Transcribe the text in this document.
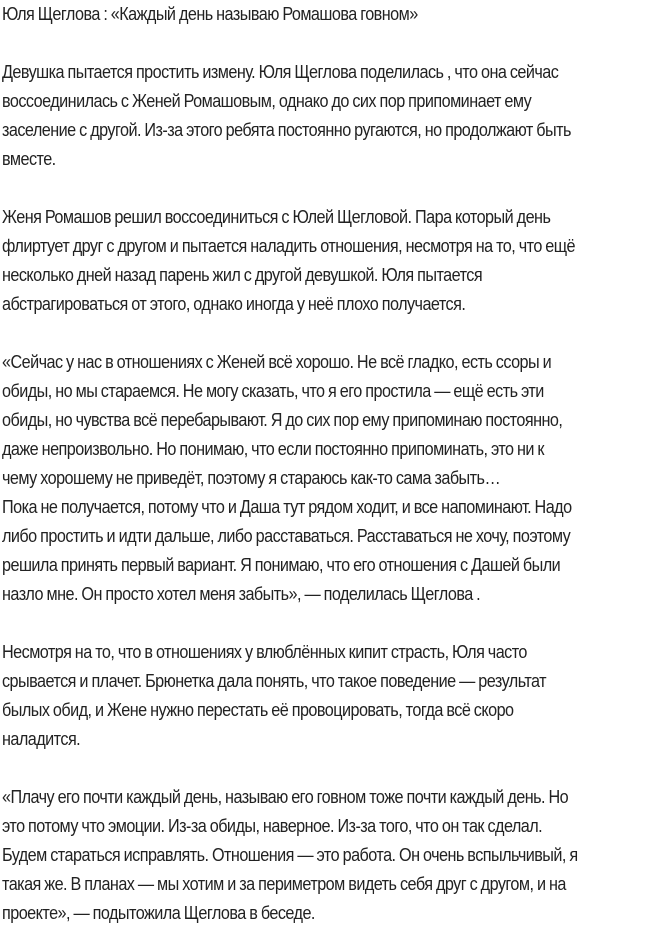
Юля Щеглова : «Каждый день называю Ромашова говном»

Девушка пытается простить измену. Юля Щеглова поделилась , что она сейчас
воссоединилась с Женей Ромашовым, однако до сих пор припоминает ему
заселение с другой. Из-за этого ребята постоянно ругаются, но продолжают быть
вместе.

Женя Ромашов решил воссоединиться с Юлей Щегловой. Пара который день
флиртует друг с другом и пытается наладить отношения, несмотря на то, что ещё
несколько дней назад парень жил с другой девушкой. Юля пытается
абстрагироваться от этого, однако иногда у неё плохо получается.

«Сейчас у нас в отношениях с Женей всё хорошо. Не всё гладко, есть ссоры и
обиды, но мы стараемся. Не могу сказать, что я его простила — ещё есть эти
обиды, но чувства всё перебарывают. Я до сих пор ему припоминаю постоянно,
даже непроизвольно. Но понимаю, что если постоянно припоминать, это ни к
чему хорошему не приведёт, поэтому я стараюсь как-то сама забыть…
Пока не получается, потому что и Даша тут рядом ходит, и все напоминают. Надо
либо простить и идти дальше, либо расставаться. Расставаться не хочу, поэтому
решила принять первый вариант. Я понимаю, что его отношения с Дашей были
назло мне. Он просто хотел меня забыть», — поделилась Щеглова .

Несмотря на то, что в отношениях у влюблённых кипит страсть, Юля часто
срывается и плачет. Брюнетка дала понять, что такое поведение — результат
былых обид, и Жене нужно перестать её провоцировать, тогда всё скоро
наладится.

«Плачу его почти каждый день, называю его говном тоже почти каждый день. Но
это потому что эмоции. Из-за обиды, наверное. Из-за того, что он так сделал.
Будем стараться исправлять. Отношения — это работа. Он очень вспыльчивый, я
такая же. В планах — мы хотим и за периметром видеть себя друг с другом, и на
проекте», — подытожила Щеглова в беседе.
